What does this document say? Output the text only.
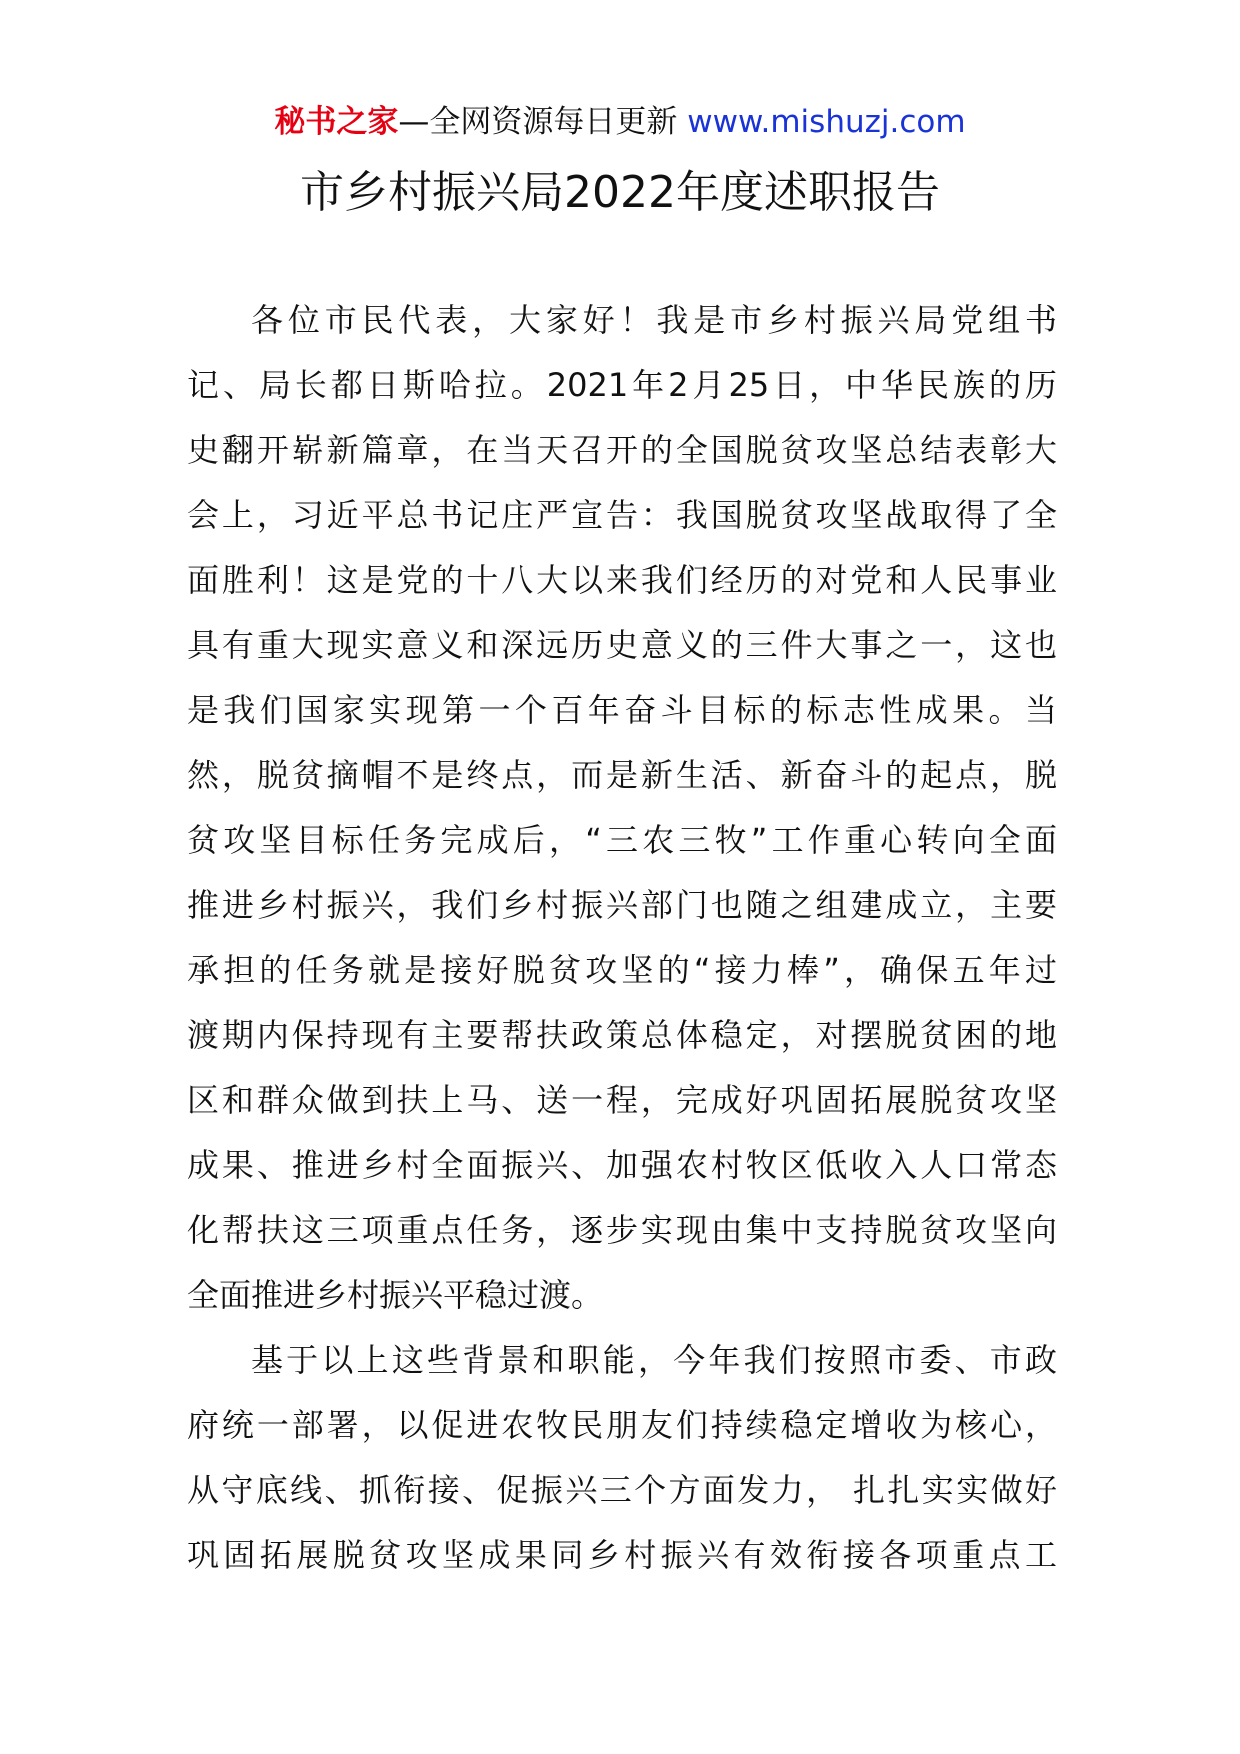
秘书之家—全网资源每日更新 www.mishuzj.com
市乡村振兴局2022年度述职报告

各位市民代表，大家好！我是市乡村振兴局党组书
记、局长都日斯哈拉。2021年2月25日，中华民族的历
史翻开崭新篇章，在当天召开的全国脱贫攻坚总结表彰大
会上，习近平总书记庄严宣告：我国脱贫攻坚战取得了全
面胜利！这是党的十八大以来我们经历的对党和人民事业
具有重大现实意义和深远历史意义的三件大事之一，这也
是我们国家实现第一个百年奋斗目标的标志性成果。当
然，脱贫摘帽不是终点，而是新生活、新奋斗的起点，脱
贫攻坚目标任务完成后，“三农三牧”工作重心转向全面
推进乡村振兴，我们乡村振兴部门也随之组建成立，主要
承担的任务就是接好脱贫攻坚的“接力棒”，确保五年过
渡期内保持现有主要帮扶政策总体稳定，对摆脱贫困的地
区和群众做到扶上马、送一程，完成好巩固拓展脱贫攻坚
成果、推进乡村全面振兴、加强农村牧区低收入人口常态
化帮扶这三项重点任务，逐步实现由集中支持脱贫攻坚向
全面推进乡村振兴平稳过渡。

基于以上这些背景和职能，今年我们按照市委、市政
府统一部署，以促进农牧民朋友们持续稳定增收为核心，
从守底线、抓衔接、促振兴三个方面发力， 扎扎实实做好
巩固拓展脱贫攻坚成果同乡村振兴有效衔接各项重点工
